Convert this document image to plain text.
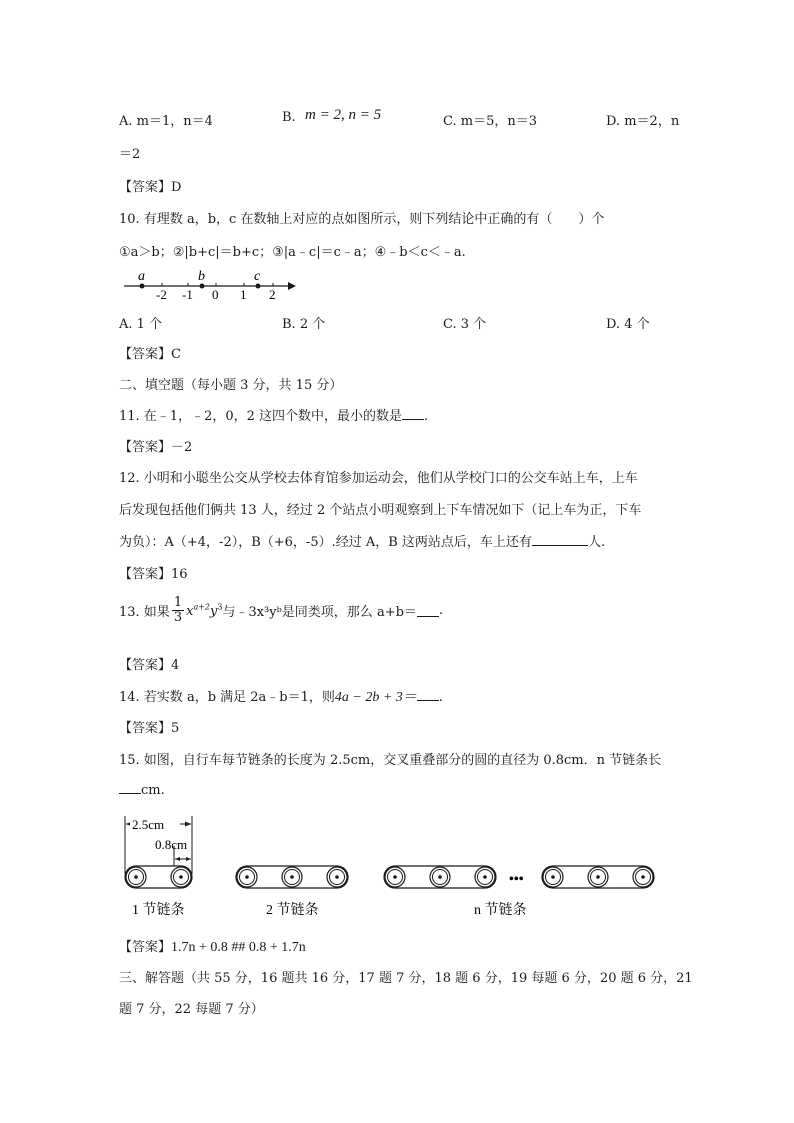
A. m＝1，n＝4	B. m = 2, n = 5	C. m＝5，n＝3	D. m＝2，n
＝2
【答案】D
10. 有理数 a，b，c 在数轴上对应的点如图所示，则下列结论中正确的有（　　）个
①a＞b；②|b+c|＝b+c；③|a﹣c|＝c﹣a；④﹣b＜c＜﹣a.
a	b	c
-2 -1 0 1 2
A. 1 个	B. 2 个	C. 3 个	D. 4 个
【答案】C
二、填空题（每小题 3 分，共 15 分）
11. 在﹣1，﹣2，0，2 这四个数中，最小的数是 .
【答案】－2
12. 小明和小聪坐公交从学校去体育馆参加运动会，他们从学校门口的公交车站上车，上车
后发现包括他们俩共 13 人，经过 2 个站点小明观察到上下车情况如下（记上车为正，下车
为负）：A（+4，-2），B（+6，-5）.经过 A，B 这两站点后，车上还有	人.
【答案】16
13. 如果 $\frac{1}{3} x^{a+2}y^3$与﹣3x³yᵇ是同类项，那么 a+b＝ .
【答案】4
14. 若实数 a，b 满足 2a﹣b＝1，则4a − 2b + 3＝ .
【答案】5
15. 如图，自行车每节链条的长度为 2.5cm，交叉重叠部分的圆的直径为 0.8cm．n 节链条长
cm.
2.5cm
0.8cm
1 节链条	2 节链条
•••
n 节链条
【答案】1.7n + 0.8 ## 0.8 + 1.7n
三、解答题（共 55 分，16 题共 16 分，17 题 7 分，18 题 6 分，19 每题 6 分，20 题 6 分，21
题 7 分，22 每题 7 分）
